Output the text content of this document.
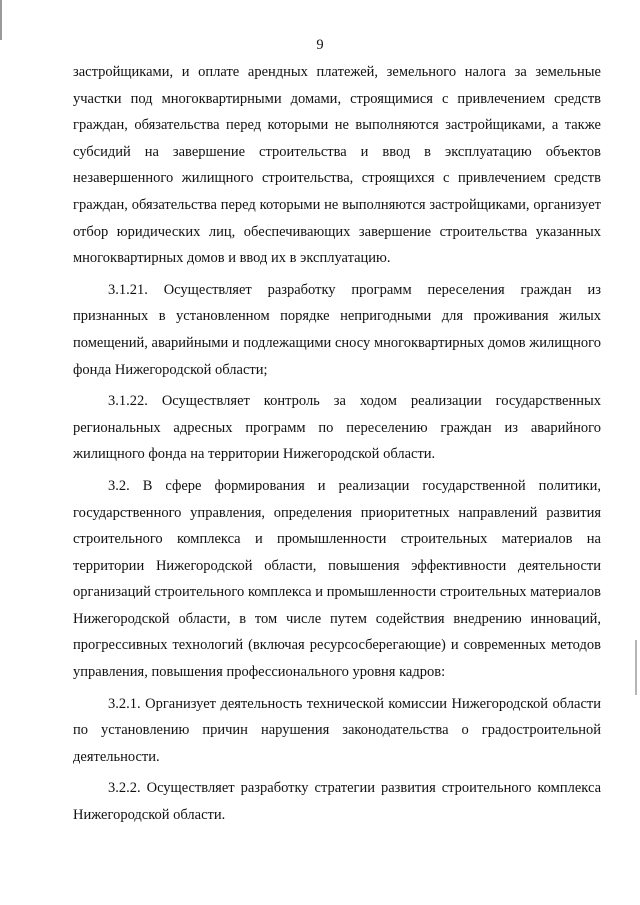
9

застройщиками, и оплате арендных платежей, земельного налога за земельные участки под многоквартирными домами, строящимися с привлечением средств граждан, обязательства перед которыми не выполняются застройщиками, а также субсидий на завершение строительства и ввод в эксплуатацию объектов незавершенного жилищного строительства, строящихся с привлечением средств граждан, обязательства перед которыми не выполняются застройщиками, организует отбор юридических лиц, обеспечивающих завершение строительства указанных многоквартирных домов и ввод их в эксплуатацию.

3.1.21. Осуществляет разработку программ переселения граждан из признанных в установленном порядке непригодными для проживания жилых помещений, аварийными и подлежащими сносу многоквартирных домов жилищного фонда Нижегородской области;

3.1.22. Осуществляет контроль за ходом реализации государственных региональных адресных программ по переселению граждан из аварийного жилищного фонда на территории Нижегородской области.

3.2. В сфере формирования и реализации государственной политики, государственного управления, определения приоритетных направлений развития строительного комплекса и промышленности строительных материалов на территории Нижегородской области, повышения эффективности деятельности организаций строительного комплекса и промышленности строительных материалов Нижегородской области, в том числе путем содействия внедрению инноваций, прогрессивных технологий (включая ресурсосберегающие) и современных методов управления, повышения профессионального уровня кадров:

3.2.1. Организует деятельность технической комиссии Нижегородской области по установлению причин нарушения законодательства о градостроительной деятельности.

3.2.2. Осуществляет разработку стратегии развития строительного комплекса Нижегородской области.
